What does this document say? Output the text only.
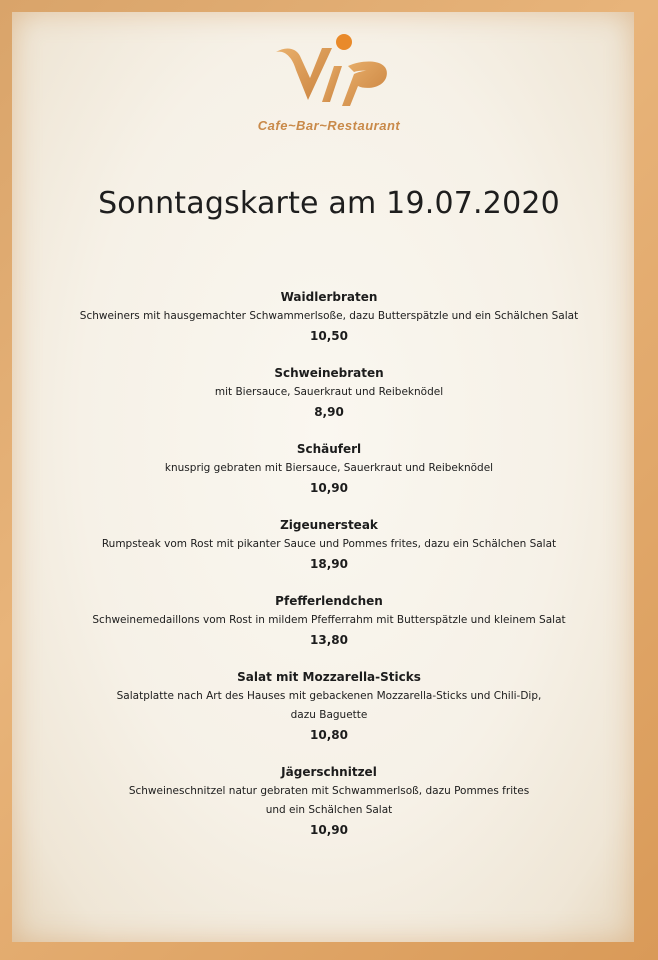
Cafe~Bar~Restaurant
Sonntagskarte am 19.07.2020
Waidlerbraten
Schweiners mit hausgemachter Schwammerlsoße, dazu Butterspätzle und ein Schälchen Salat
10,50
Schweinebraten
mit Biersauce, Sauerkraut und Reibeknödel
8,90
Schäuferl
knusprig gebraten mit Biersauce, Sauerkraut und Reibeknödel
10,90
Zigeunersteak
Rumpsteak vom Rost mit pikanter Sauce und Pommes frites, dazu ein Schälchen Salat
18,90
Pfefferlendchen
Schweinemedaillons vom Rost in mildem Pfefferrahm mit Butterspätzle und kleinem Salat
13,80
Salat mit Mozzarella-Sticks
Salatplatte nach Art des Hauses mit gebackenen Mozzarella-Sticks und Chili-Dip,
dazu Baguette
10,80
Jägerschnitzel
Schweineschnitzel natur gebraten mit Schwammerlsoß, dazu Pommes frites
und ein Schälchen Salat
10,90
